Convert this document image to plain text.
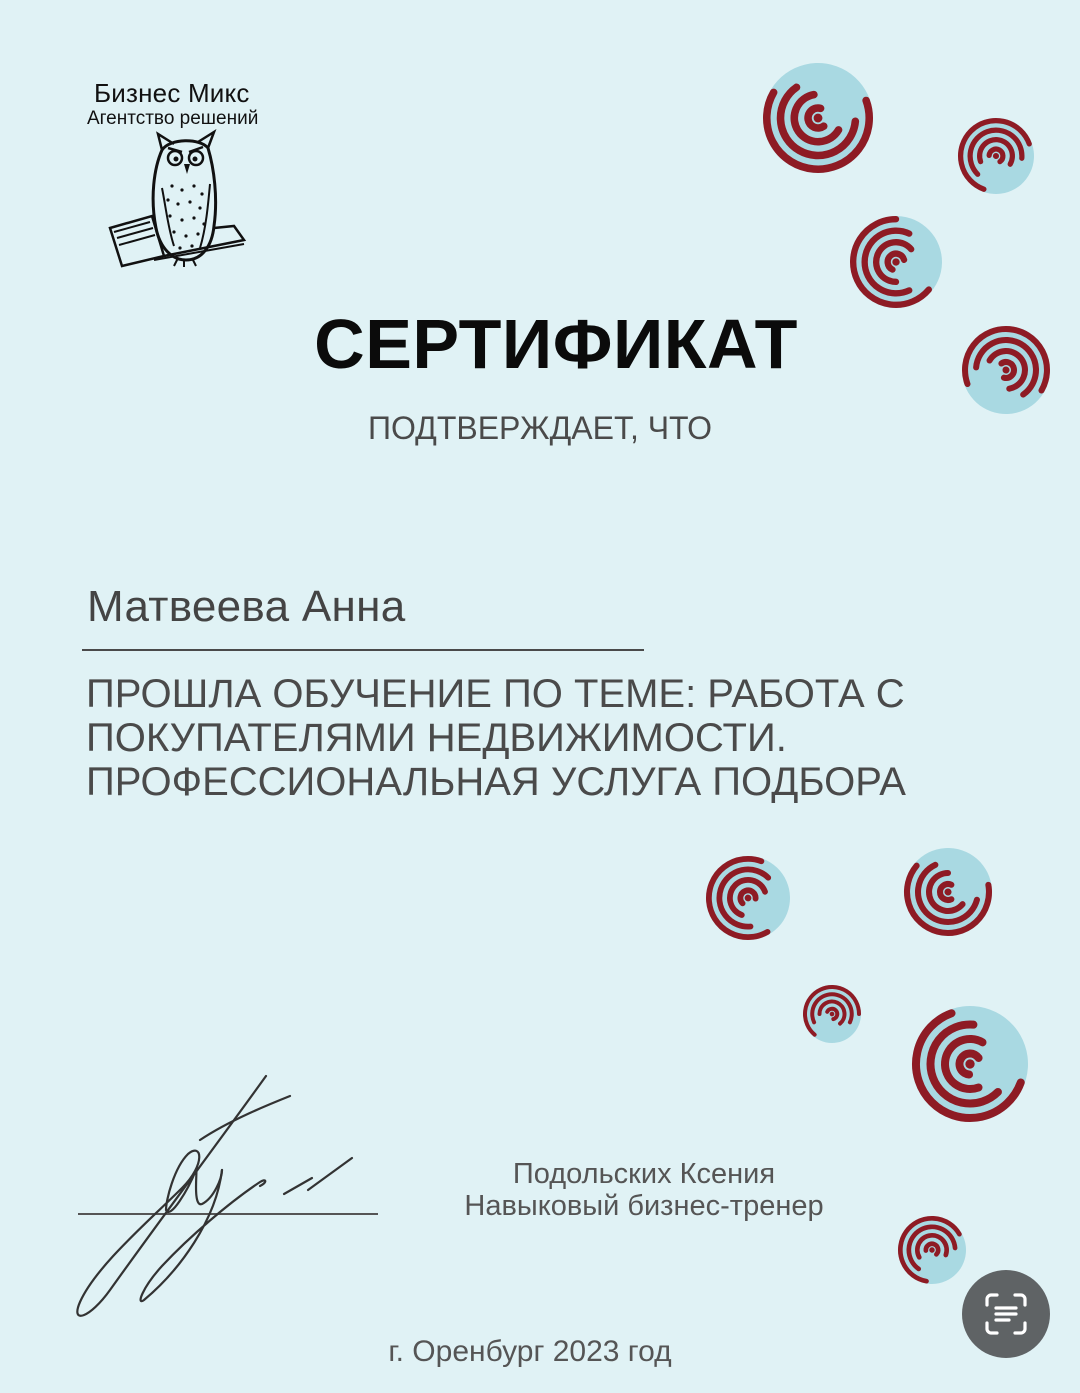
Бизнес Микс
Агентство решений
СЕРТИФИКАТ
ПОДТВЕРЖДАЕТ, ЧТО
Матвеева Анна
ПРОШЛА ОБУЧЕНИЕ ПО ТЕМЕ: РАБОТА С
ПОКУПАТЕЛЯМИ НЕДВИЖИМОСТИ.
ПРОФЕССИОНАЛЬНАЯ УСЛУГА ПОДБОРА
Подольских Ксения
Навыковый бизнес-тренер
г. Оренбург 2023 год
